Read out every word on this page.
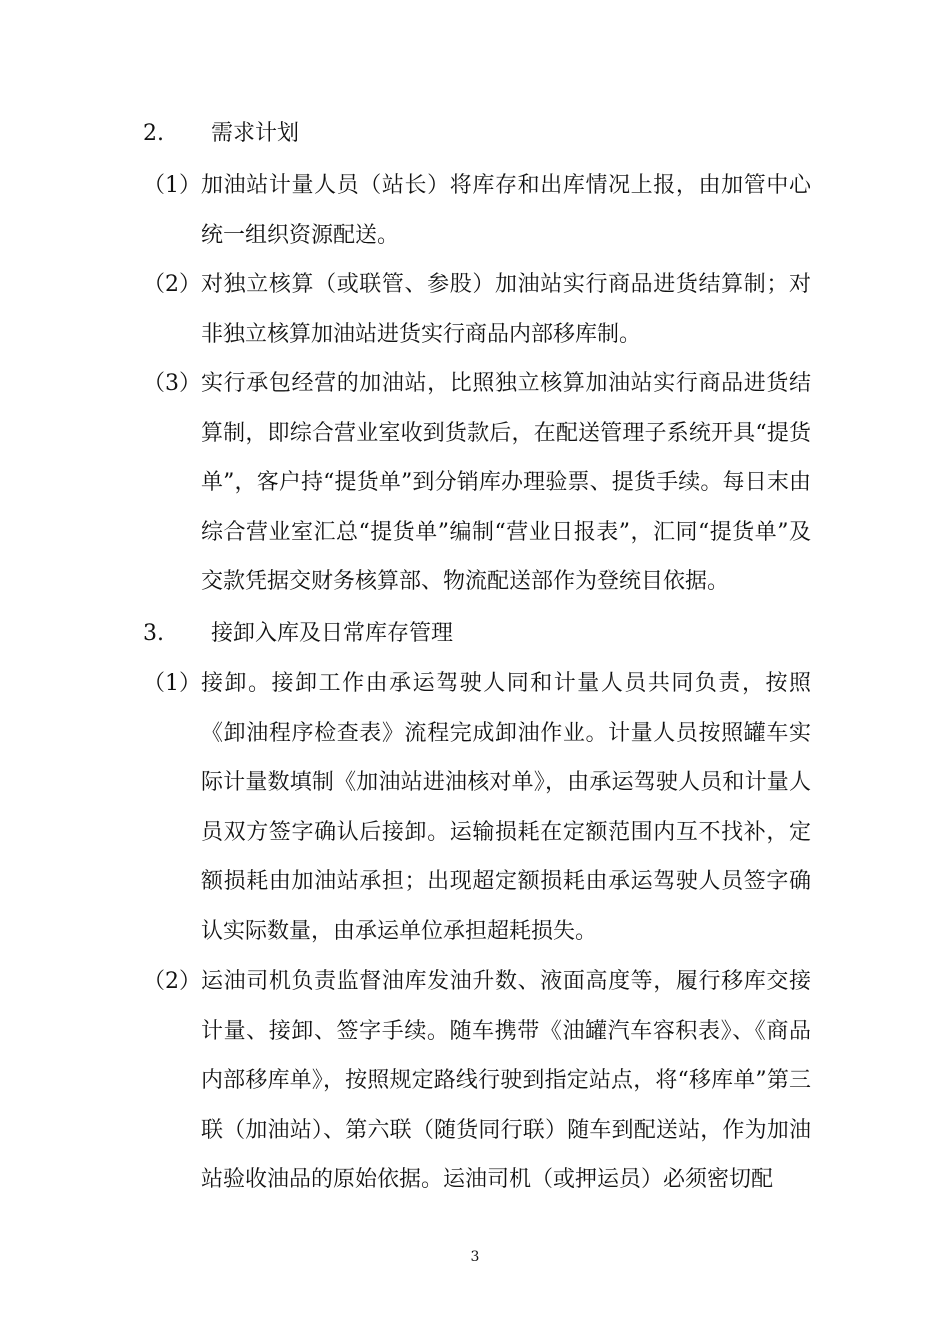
2. 需求计划
（1） 加油站计量人员（站长）将库存和出库情况上报，由加管中心统一组织资源配送。
（2） 对独立核算（或联管、参股）加油站实行商品进货结算制；对非独立核算加油站进货实行商品内部移库制。
（3） 实行承包经营的加油站，比照独立核算加油站实行商品进货结算制，即综合营业室收到货款后，在配送管理子系统开具“提货单”，客户持“提货单”到分销库办理验票、提货手续。每日末由综合营业室汇总“提货单”编制“营业日报表”，汇同“提货单”及交款凭据交财务核算部、物流配送部作为登统目依据。
3. 接卸入库及日常库存管理
（1） 接卸。接卸工作由承运驾驶人同和计量人员共同负责，按照《卸油程序检查表》流程完成卸油作业。计量人员按照罐车实际计量数填制《加油站进油核对单》，由承运驾驶人员和计量人员双方签字确认后接卸。运输损耗在定额范围内互不找补，定额损耗由加油站承担；出现超定额损耗由承运驾驶人员签字确认实际数量，由承运单位承担超耗损失。
（2） 运油司机负责监督油库发油升数、液面高度等，履行移库交接计量、接卸、签字手续。随车携带《油罐汽车容积表》、《商品内部移库单》，按照规定路线行驶到指定站点，将“移库单”第三联（加油站）、第六联（随货同行联）随车到配送站，作为加油站验收油品的原始依据。运油司机（或押运员）必须密切配
3
